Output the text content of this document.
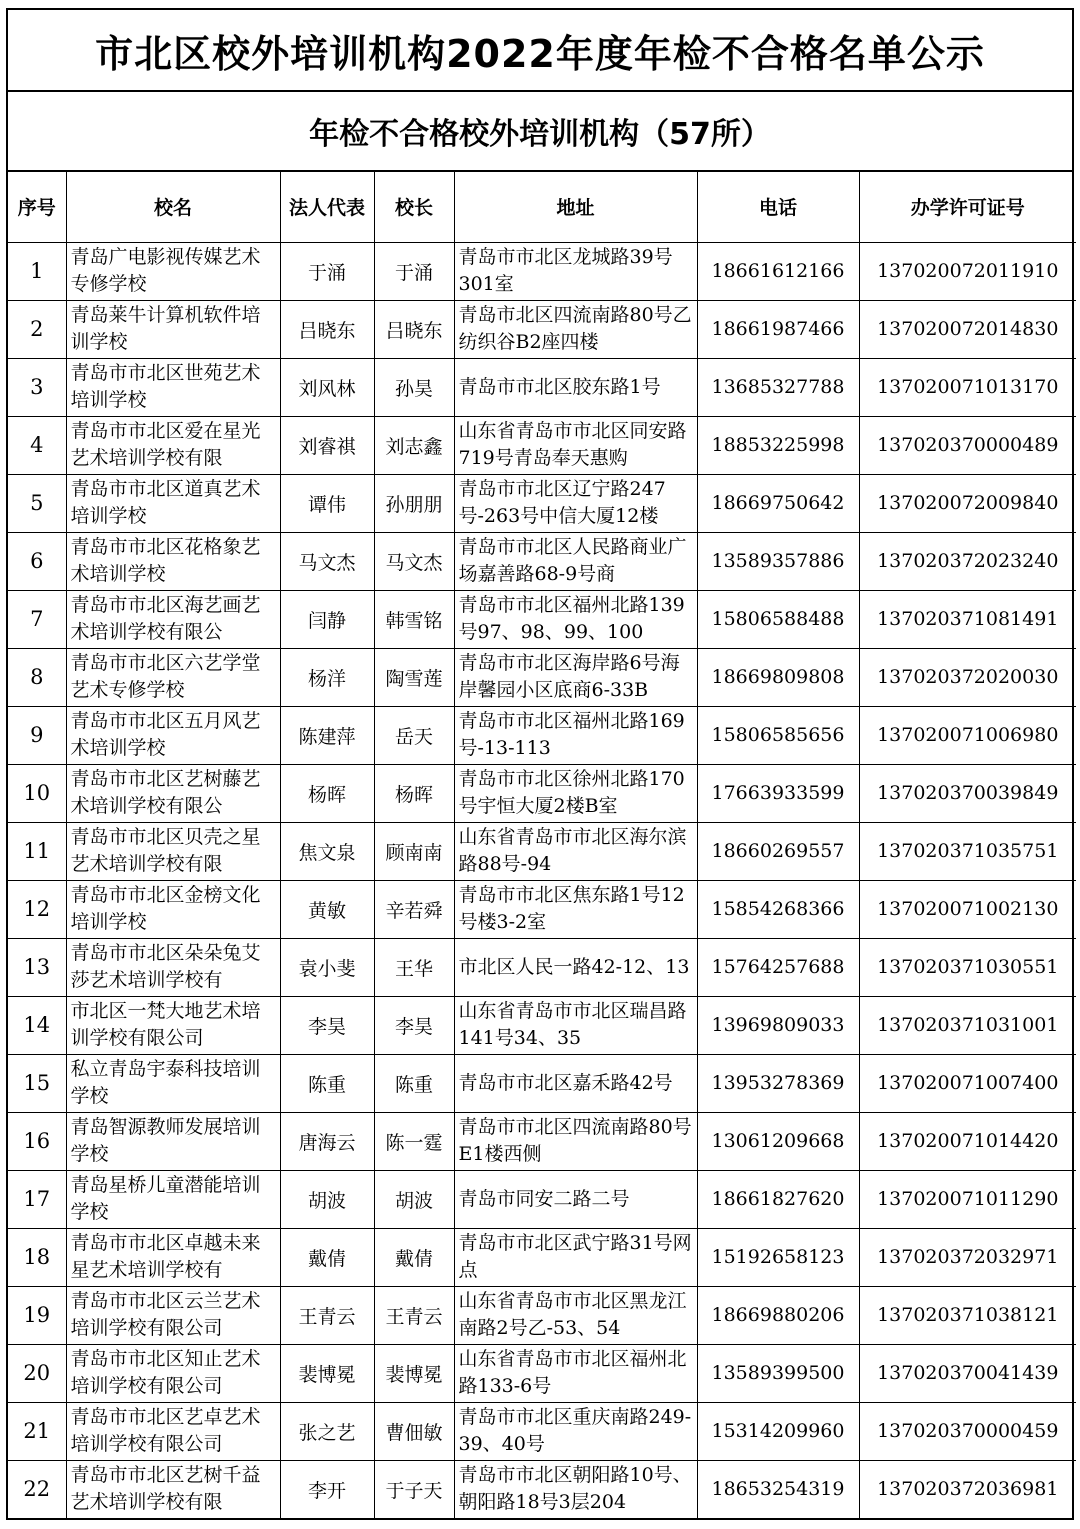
市北区校外培训机构2022年度年检不合格名单公示
年检不合格校外培训机构（57所）
序号	校名	法人代表	校长	地址	电话	办学许可证号
1	青岛广电影视传媒艺术专修学校	于涌	于涌	青岛市市北区龙城路39号301室	18661612166	137020072011910
2	青岛莱牛计算机软件培训学校	吕晓东	吕晓东	青岛市北区四流南路80号乙纺织谷B2座四楼	18661987466	137020072014830
3	青岛市市北区世苑艺术培训学校	刘风林	孙昊	青岛市市北区胶东路1号	13685327788	137020071013170
4	青岛市市北区爱在星光艺术培训学校有限	刘睿祺	刘志鑫	山东省青岛市市北区同安路719号青岛奉天惠购	18853225998	137020370000489
5	青岛市市北区道真艺术培训学校	谭伟	孙朋朋	青岛市市北区辽宁路247号-263号中信大厦12楼	18669750642	137020072009840
6	青岛市市北区花格象艺术培训学校	马文杰	马文杰	青岛市市北区人民路商业广场嘉善路68-9号商	13589357886	137020372023240
7	青岛市市北区海艺画艺术培训学校有限公	闫静	韩雪铭	青岛市市北区福州北路139号97、98、99、100	15806588488	137020371081491
8	青岛市市北区六艺学堂艺术专修学校	杨洋	陶雪莲	青岛市市北区海岸路6号海岸馨园小区底商6-33B	18669809808	137020372020030
9	青岛市市北区五月风艺术培训学校	陈建萍	岳天	青岛市市北区福州北路169号-13-113	15806585656	137020071006980
10	青岛市市北区艺树藤艺术培训学校有限公	杨晖	杨晖	青岛市市北区徐州北路170号宇恒大厦2楼B室	17663933599	137020370039849
11	青岛市市北区贝壳之星艺术培训学校有限	焦文泉	顾南南	山东省青岛市市北区海尔滨路88号-94	18660269557	137020371035751
12	青岛市市北区金榜文化培训学校	黄敏	辛若舜	青岛市市北区焦东路1号12号楼3-2室	15854268366	137020071002130
13	青岛市市北区朵朵兔艾莎艺术培训学校有	袁小斐	王华	市北区人民一路42-12、13	15764257688	137020371030551
14	市北区一梵大地艺术培训学校有限公司	李昊	李昊	山东省青岛市市北区瑞昌路141号34、35	13969809033	137020371031001
15	私立青岛宇泰科技培训学校	陈重	陈重	青岛市市北区嘉禾路42号	13953278369	137020071007400
16	青岛智源教师发展培训学校	唐海云	陈一霆	青岛市市北区四流南路80号E1楼西侧	13061209668	137020071014420
17	青岛星桥儿童潜能培训学校	胡波	胡波	青岛市同安二路二号	18661827620	137020071011290
18	青岛市市北区卓越未来星艺术培训学校有	戴倩	戴倩	青岛市市北区武宁路31号网点	15192658123	137020372032971
19	青岛市市北区云兰艺术培训学校有限公司	王青云	王青云	山东省青岛市市北区黑龙江南路2号乙-53、54	18669880206	137020371038121
20	青岛市市北区知止艺术培训学校有限公司	裴博冕	裴博冕	山东省青岛市市北区福州北路133-6号	13589399500	137020370041439
21	青岛市市北区艺卓艺术培训学校有限公司	张之艺	曹佃敏	青岛市市北区重庆南路249-39、40号	15314209960	137020370000459
22	青岛市市北区艺树千益艺术培训学校有限	李开	于子天	青岛市市北区朝阳路10号、朝阳路18号3层204	18653254319	137020372036981
